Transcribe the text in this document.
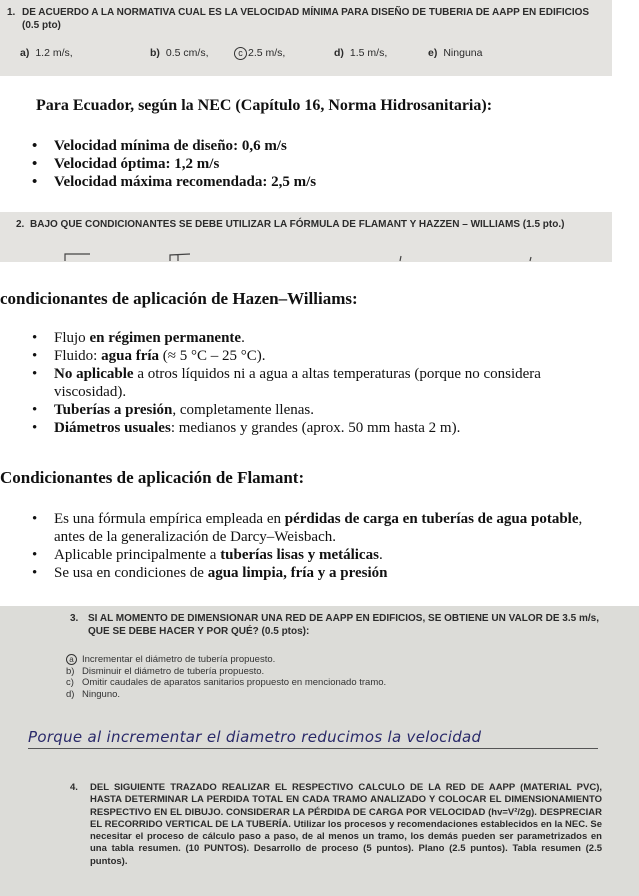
1. DE ACUERDO A LA NORMATIVA CUAL ES LA VELOCIDAD MÍNIMA PARA DISEÑO DE TUBERIA DE AAPP EN EDIFICIOS (0.5 pto)
a) 1.2 m/s,	b) 0.5 cm/s,	c 2.5 m/s,	d) 1.5 m/s,	e) Ninguna
Para Ecuador, según la NEC (Capítulo 16, Norma Hidrosanitaria):
• Velocidad mínima de diseño: 0,6 m/s
• Velocidad óptima: 1,2 m/s
• Velocidad máxima recomendada: 2,5 m/s
2. BAJO QUE CONDICIONANTES SE DEBE UTILIZAR LA FÓRMULA DE FLAMANT Y HAZZEN – WILLIAMS (1.5 pto.)
condicionantes de aplicación de Hazen–Williams:
• Flujo en régimen permanente.
• Fluido: agua fría (≈ 5 °C – 25 °C).
• No aplicable a otros líquidos ni a agua a altas temperaturas (porque no considera viscosidad).
• Tuberías a presión, completamente llenas.
• Diámetros usuales: medianos y grandes (aprox. 50 mm hasta 2 m).
Condicionantes de aplicación de Flamant:
• Es una fórmula empírica empleada en pérdidas de carga en tuberías de agua potable, antes de la generalización de Darcy–Weisbach.
• Aplicable principalmente a tuberías lisas y metálicas.
• Se usa en condiciones de agua limpia, fría y a presión
3. SI AL MOMENTO DE DIMENSIONAR UNA RED DE AAPP EN EDIFICIOS, SE OBTIENE UN VALOR DE 3.5 m/s, QUE SE DEBE HACER Y POR QUÉ? (0.5 ptos):
a Incrementar el diámetro de tubería propuesto.
b) Disminuir el diámetro de tubería propuesto.
c) Omitir caudales de aparatos sanitarios propuesto en mencionado tramo.
d) Ninguno.
Porque al incrementar el diametro reducimos la velocidad
4. DEL SIGUIENTE TRAZADO REALIZAR EL RESPECTIVO CALCULO DE LA RED DE AAPP (MATERIAL PVC), HASTA DETERMINAR LA PERDIDA TOTAL EN CADA TRAMO ANALIZADO Y COLOCAR EL DIMENSIONAMIENTO RESPECTIVO EN EL DIBUJO. CONSIDERAR LA PÉRDIDA DE CARGA POR VELOCIDAD (hv=V²/2g). DESPRECIAR EL RECORRIDO VERTICAL DE LA TUBERÍA. Utilizar los procesos y recomendaciones establecidos en la NEC. Se necesitar el proceso de cálculo paso a paso, de al menos un tramo, los demás pueden ser parametrizados en una tabla resumen. (10 PUNTOS). Desarrollo de proceso (5 puntos). Plano (2.5 puntos). Tabla resumen (2.5 puntos).
